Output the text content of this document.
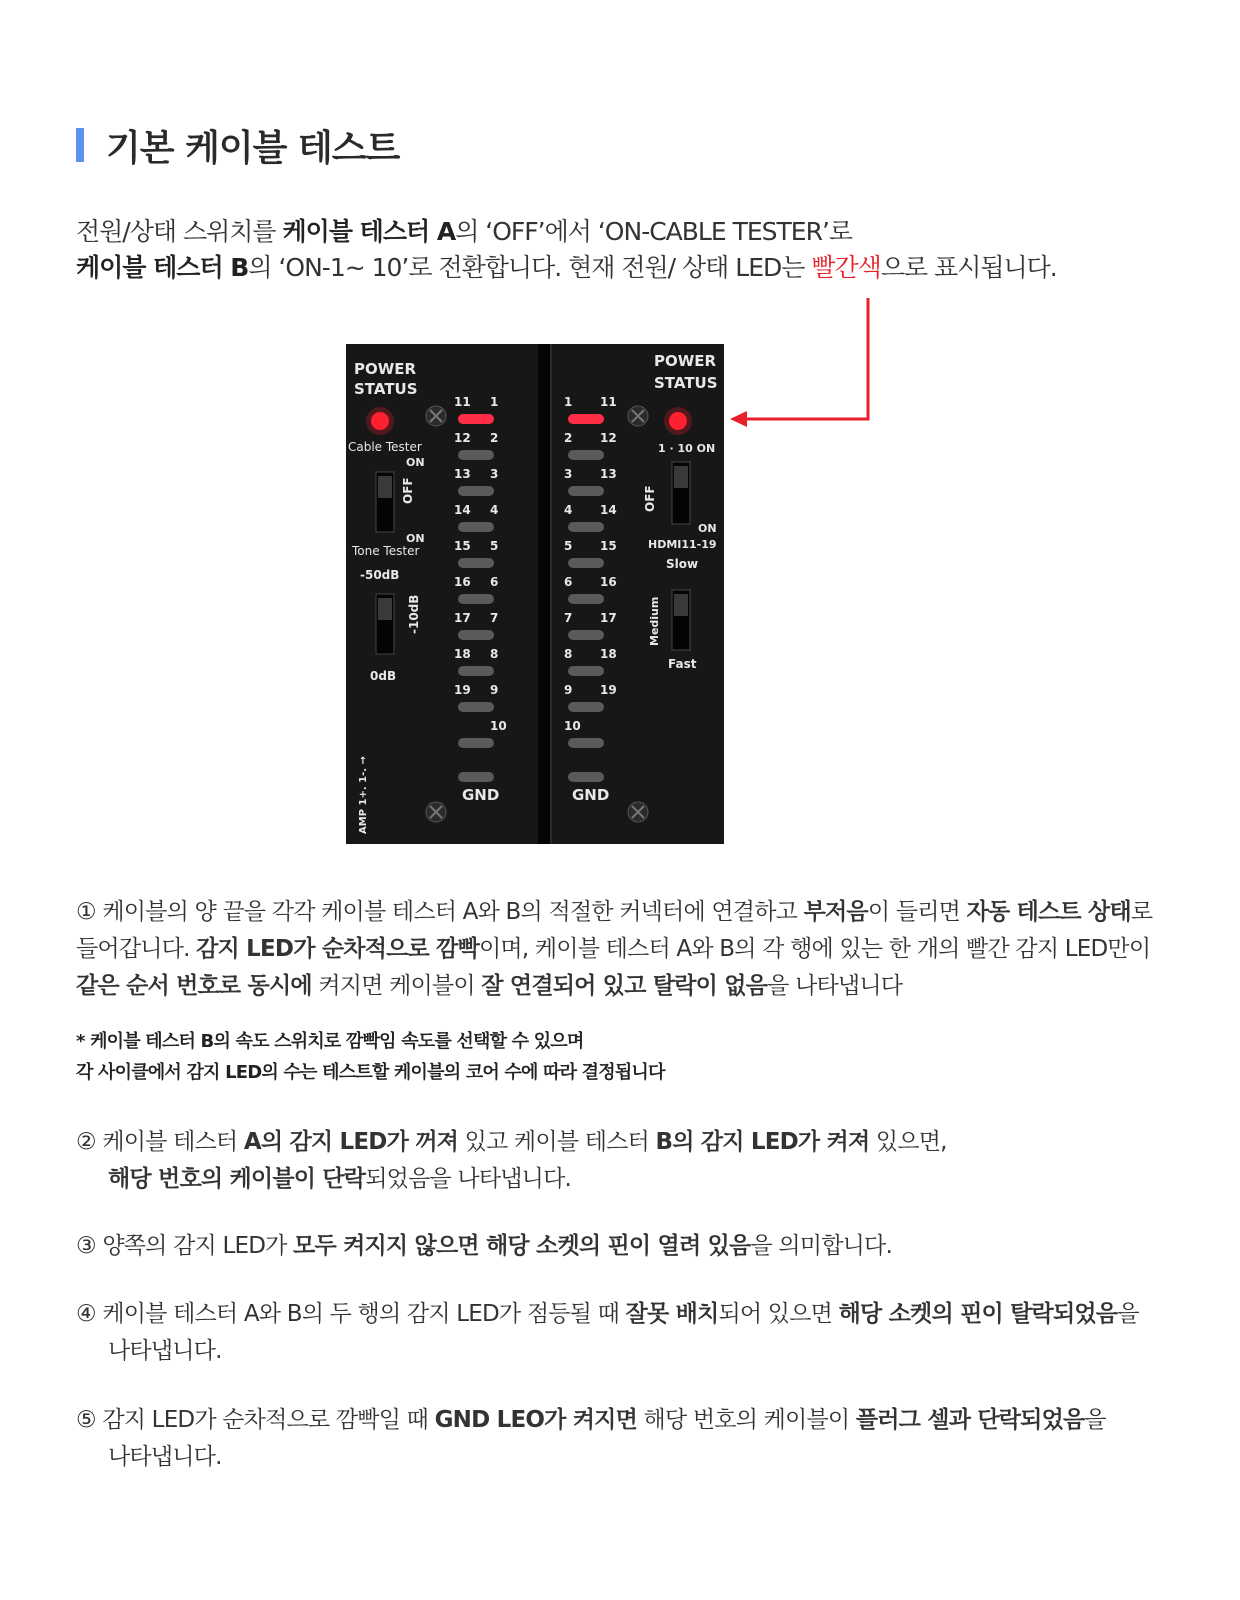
기본 케이블 테스트
전원/상태 스위치를 케이블 테스터 A의 ‘OFF’에서 ‘ON-CABLE TESTER’로
케이블 테스터 B의 ‘ON-1~ 10’로 전환합니다. 현재 전원/ 상태 LED는 빨간색으로 표시됩니다.
POWER
STATUS
Cable Tester
ON
OFF
ON
Tone Tester
-50dB
-10dB
0dB
AMP 1+. 1-. →
11 1
12 2
13 3
14 4
15 5
16 6
17 7
18 8
19 9
10
GND
1 11
2 12
3 13
4 14
5 15
6 16
7 17
8 18
9 19
10
GND
POWER
STATUS
1 · 10 ON
OFF
ON
HDMI11-19
Slow
Medium
Fast
① 케이블의 양 끝을 각각 케이블 테스터 A와 B의 적절한 커넥터에 연결하고 부저음이 들리면 자동 테스트 상태로
들어갑니다. 감지 LED가 순차적으로 깜빡이며, 케이블 테스터 A와 B의 각 행에 있는 한 개의 빨간 감지 LED만이
같은 순서 번호로 동시에 켜지면 케이블이 잘 연결되어 있고 탈락이 없음을 나타냅니다
* 케이블 테스터 B의 속도 스위치로 깜빡임 속도를 선택할 수 있으며
각 사이클에서 감지 LED의 수는 테스트할 케이블의 코어 수에 따라 결정됩니다
② 케이블 테스터 A의 감지 LED가 꺼져 있고 케이블 테스터 B의 감지 LED가 켜져 있으면,
해당 번호의 케이블이 단락되었음을 나타냅니다.
③ 양쪽의 감지 LED가 모두 켜지지 않으면 해당 소켓의 핀이 열려 있음을 의미합니다.
④ 케이블 테스터 A와 B의 두 행의 감지 LED가 점등될 때 잘못 배치되어 있으면 해당 소켓의 핀이 탈락되었음을
나타냅니다.
⑤ 감지 LED가 순차적으로 깜빡일 때 GND LEO가 켜지면 해당 번호의 케이블이 플러그 셀과 단락되었음을
나타냅니다.
